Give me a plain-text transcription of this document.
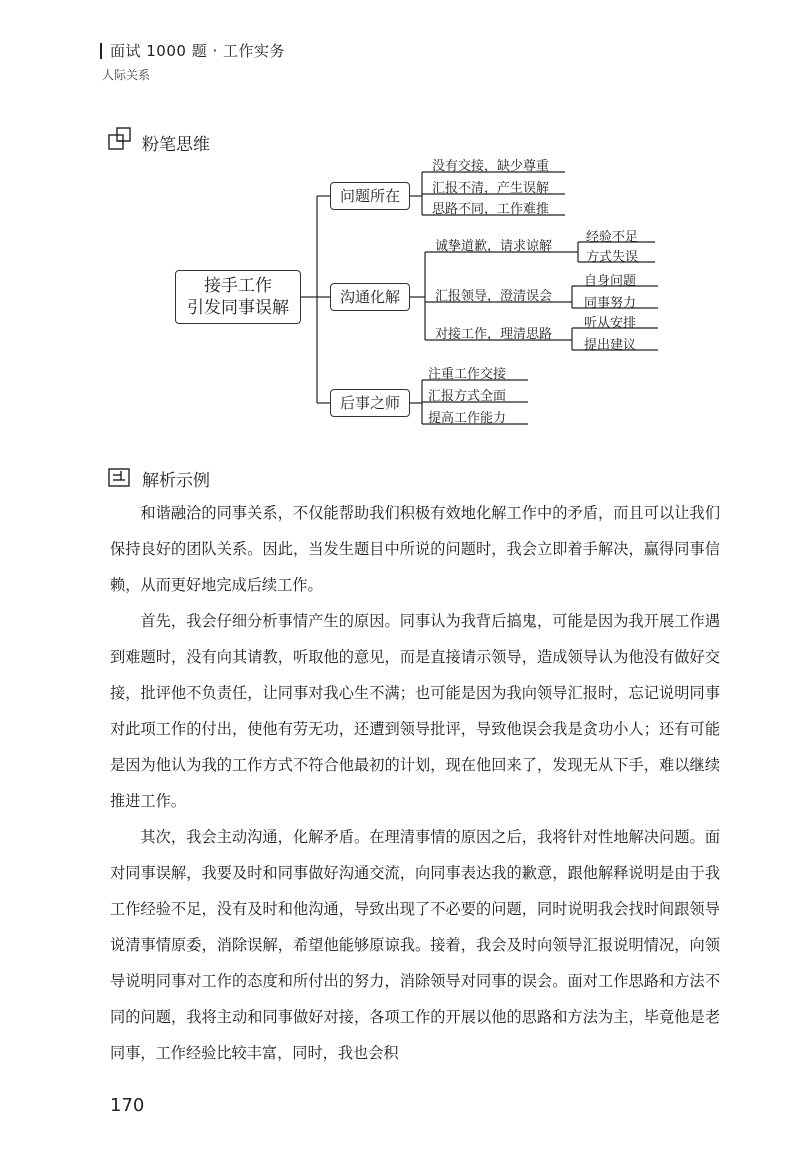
面试 1000 题 · 工作实务
人际关系
粉笔思维
接手工作
引发同事误解
问题所在
沟通化解
后事之师
没有交接，缺少尊重
汇报不清，产生误解
思路不同，工作难推
诚挚道歉，请求谅解
汇报领导，澄清误会
对接工作，理清思路
经验不足
方式失误
自身问题
同事努力
听从安排
提出建议
注重工作交接
汇报方式全面
提高工作能力
解析示例

和谐融洽的同事关系，不仅能帮助我们积极有效地化解工作中的矛盾，而且可以让我们保持良好的团队关系。因此，当发生题目中所说的问题时，我会立即着手解决，赢得同事信赖，从而更好地完成后续工作。

首先，我会仔细分析事情产生的原因。同事认为我背后搞鬼，可能是因为我开展工作遇到难题时，没有向其请教，听取他的意见，而是直接请示领导，造成领导认为他没有做好交接，批评他不负责任，让同事对我心生不满；也可能是因为我向领导汇报时，忘记说明同事对此项工作的付出，使他有劳无功，还遭到领导批评，导致他误会我是贪功小人；还有可能是因为他认为我的工作方式不符合他最初的计划，现在他回来了，发现无从下手，难以继续推进工作。

其次，我会主动沟通，化解矛盾。在理清事情的原因之后，我将针对性地解决问题。面对同事误解，我要及时和同事做好沟通交流，向同事表达我的歉意，跟他解释说明是由于我工作经验不足，没有及时和他沟通，导致出现了不必要的问题，同时说明我会找时间跟领导说清事情原委，消除误解，希望他能够原谅我。接着，我会及时向领导汇报说明情况，向领导说明同事对工作的态度和所付出的努力，消除领导对同事的误会。面对工作思路和方法不同的问题，我将主动和同事做好对接，各项工作的开展以他的思路和方法为主，毕竟他是老同事，工作经验比较丰富，同时，我也会积

170
